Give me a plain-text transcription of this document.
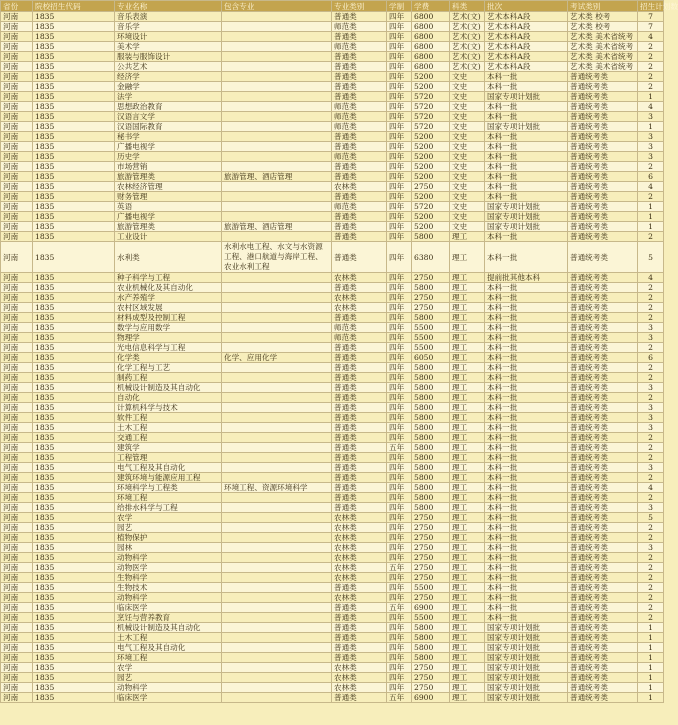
省份	院校招生代码	专业名称	包含专业	专业类别	学制	学费	科类	批次	考试类别	招生计划数
河南	1835	音乐表演		普通类	四年	6800	艺术(文)	艺术本科A段	艺术类 校考	7
河南	1835	音乐学		师范类	四年	6800	艺术(文)	艺术本科A段	艺术类 校考	7
河南	1835	环境设计		普通类	四年	6800	艺术(文)	艺术本科A段	艺术类 美术省统考	4
河南	1835	美术学		师范类	四年	6800	艺术(文)	艺术本科A段	艺术类 美术省统考	2
河南	1835	服装与服饰设计		普通类	四年	6800	艺术(文)	艺术本科A段	艺术类 美术省统考	2
河南	1835	公共艺术		普通类	四年	6800	艺术(文)	艺术本科A段	艺术类 美术省统考	2
河南	1835	经济学		普通类	四年	5200	文史	本科一批	普通统考类	2
河南	1835	金融学		普通类	四年	5200	文史	本科一批	普通统考类	2
河南	1835	法学		普通类	四年	5720	文史	国家专项计划批	普通统考类	1
河南	1835	思想政治教育		师范类	四年	5720	文史	本科一批	普通统考类	4
河南	1835	汉语言文学		师范类	四年	5720	文史	本科一批	普通统考类	3
河南	1835	汉语国际教育		师范类	四年	5720	文史	国家专项计划批	普通统考类	1
河南	1835	秘书学		普通类	四年	5200	文史	本科一批	普通统考类	3
河南	1835	广播电视学		普通类	四年	5200	文史	本科一批	普通统考类	3
河南	1835	历史学		师范类	四年	5200	文史	本科一批	普通统考类	3
河南	1835	市场营销		普通类	四年	5200	文史	本科一批	普通统考类	2
河南	1835	旅游管理类	旅游管理、酒店管理	普通类	四年	5200	文史	本科一批	普通统考类	6
河南	1835	农林经济管理		农林类	四年	2750	文史	本科一批	普通统考类	4
河南	1835	财务管理		普通类	四年	5200	文史	本科一批	普通统考类	2
河南	1835	英语		师范类	四年	5720	文史	国家专项计划批	普通统考类	1
河南	1835	广播电视学		普通类	四年	5200	文史	国家专项计划批	普通统考类	1
河南	1835	旅游管理类	旅游管理、酒店管理	普通类	四年	5200	文史	国家专项计划批	普通统考类	1
河南	1835	工业设计		普通类	四年	5800	理工	本科一批	普通统考类	2
河南	1835	水利类	水利水电工程、水文与水资源工程、港口航道与海岸工程、农业水利工程	普通类	四年	6380	理工	本科一批	普通统考类	5
河南	1835	种子科学与工程		农林类	四年	2750	理工	提前批其他本科	普通统考类	4
河南	1835	农业机械化及其自动化		普通类	四年	5800	理工	本科一批	普通统考类	2
河南	1835	水产养殖学		农林类	四年	2750	理工	本科一批	普通统考类	2
河南	1835	农村区域发展		农林类	四年	2750	理工	本科一批	普通统考类	2
河南	1835	材料成型及控制工程		普通类	四年	5800	理工	本科一批	普通统考类	2
河南	1835	数学与应用数学		师范类	四年	5500	理工	本科一批	普通统考类	3
河南	1835	物理学		师范类	四年	5500	理工	本科一批	普通统考类	3
河南	1835	光电信息科学与工程		普通类	四年	5500	理工	本科一批	普通统考类	2
河南	1835	化学类	化学、应用化学	普通类	四年	6050	理工	本科一批	普通统考类	6
河南	1835	化学工程与工艺		普通类	四年	5800	理工	本科一批	普通统考类	2
河南	1835	制药工程		普通类	四年	5800	理工	本科一批	普通统考类	2
河南	1835	机械设计制造及其自动化		普通类	四年	5800	理工	本科一批	普通统考类	3
河南	1835	自动化		普通类	四年	5800	理工	本科一批	普通统考类	2
河南	1835	计算机科学与技术		普通类	四年	5800	理工	本科一批	普通统考类	3
河南	1835	软件工程		普通类	四年	5800	理工	本科一批	普通统考类	3
河南	1835	土木工程		普通类	四年	5800	理工	本科一批	普通统考类	3
河南	1835	交通工程		普通类	四年	5800	理工	本科一批	普通统考类	2
河南	1835	建筑学		普通类	五年	5800	理工	本科一批	普通统考类	2
河南	1835	工程管理		普通类	四年	5800	理工	本科一批	普通统考类	2
河南	1835	电气工程及其自动化		普通类	四年	5800	理工	本科一批	普通统考类	3
河南	1835	建筑环境与能源应用工程		普通类	四年	5800	理工	本科一批	普通统考类	2
河南	1835	环境科学与工程类	环境工程、资源环境科学	普通类	四年	5800	理工	本科一批	普通统考类	4
河南	1835	环境工程		普通类	四年	5800	理工	本科一批	普通统考类	2
河南	1835	给排水科学与工程		普通类	四年	5800	理工	本科一批	普通统考类	3
河南	1835	农学		农林类	四年	2750	理工	本科一批	普通统考类	5
河南	1835	园艺		农林类	四年	2750	理工	本科一批	普通统考类	2
河南	1835	植物保护		农林类	四年	2750	理工	本科一批	普通统考类	2
河南	1835	园林		农林类	四年	2750	理工	本科一批	普通统考类	3
河南	1835	动物科学		农林类	四年	2750	理工	本科一批	普通统考类	2
河南	1835	动物医学		农林类	五年	2750	理工	本科一批	普通统考类	2
河南	1835	生物科学		农林类	四年	2750	理工	本科一批	普通统考类	2
河南	1835	生物技术		普通类	四年	5500	理工	本科一批	普通统考类	2
河南	1835	动物科学		农林类	四年	2750	理工	本科一批	普通统考类	2
河南	1835	临床医学		普通类	五年	6900	理工	本科一批	普通统考类	2
河南	1835	烹饪与营养教育		普通类	四年	5500	理工	本科一批	普通统考类	2
河南	1835	机械设计制造及其自动化		普通类	四年	5800	理工	国家专项计划批	普通统考类	1
河南	1835	土木工程		普通类	四年	5800	理工	国家专项计划批	普通统考类	1
河南	1835	电气工程及其自动化		普通类	四年	5800	理工	国家专项计划批	普通统考类	1
河南	1835	环境工程		普通类	四年	5800	理工	国家专项计划批	普通统考类	1
河南	1835	农学		农林类	四年	2750	理工	国家专项计划批	普通统考类	1
河南	1835	园艺		农林类	四年	2750	理工	国家专项计划批	普通统考类	1
河南	1835	动物科学		农林类	四年	2750	理工	国家专项计划批	普通统考类	1
河南	1835	临床医学		普通类	五年	6900	理工	国家专项计划批	普通统考类	1
